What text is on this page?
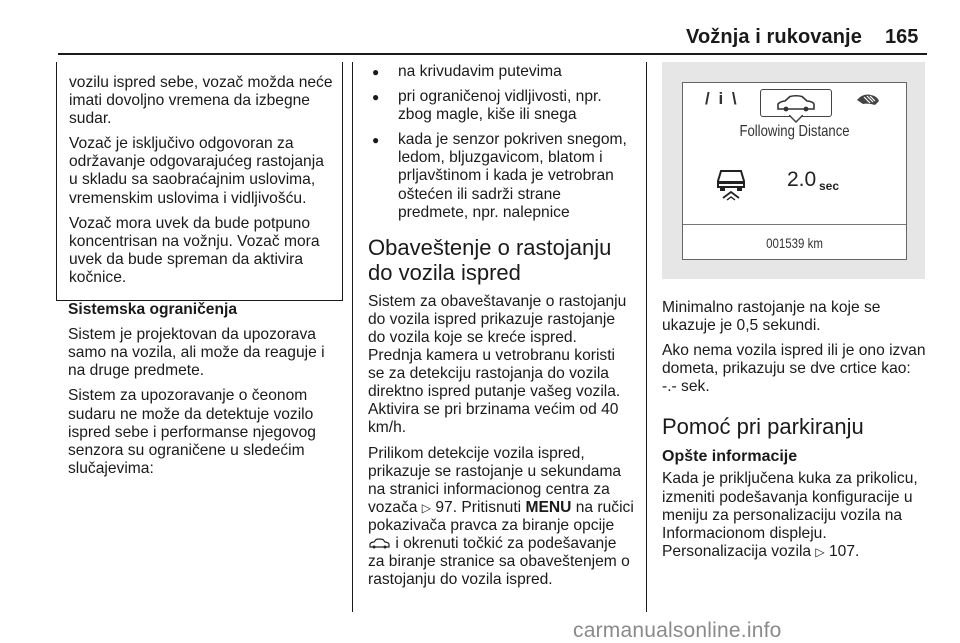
Vožnja i rukovanje 165

vozilu ispred sebe, vozač možda neće imati dovoljno vremena da izbegne sudar.

Vozač je isključivo odgovoran za održavanje odgovarajućeg rastojanja u skladu sa saobraćajnim uslovima, vremenskim uslovima i vidljivošću.

Vozač mora uvek da bude potpuno koncentrisan na vožnju. Vozač mora uvek da bude spreman da aktivira kočnice.

Sistemska ograničenja

Sistem je projektovan da upozorava samo na vozila, ali može da reaguje i na druge predmete.

Sistem za upozoravanje o čeonom sudaru ne može da detektuje vozilo ispred sebe i performanse njegovog senzora su ograničene u sledećim slučajevima:

● na krivudavim putevima
● pri ograničenoj vidljivosti, npr. zbog magle, kiše ili snega
● kada je senzor pokriven snegom, ledom, bljuzgavicom, blatom i prljavštinom i kada je vetrobran oštećen ili sadrži strane predmete, npr. nalepnice
Obaveštenje o rastojanju do vozila ispred

Sistem za obaveštavanje o rastojanju do vozila ispred prikazuje rastojanje do vozila koje se kreće ispred. Prednja kamera u vetrobranu koristi se za detekciju rastojanja do vozila direktno ispred putanje vašeg vozila. Aktivira se pri brzinama većim od 40 km/h.

Prilikom detekcije vozila ispred, prikazuje se rastojanje u sekundama na stranici informacionog centra za vozača ▷ 97. Pritisnuti MENU na ručici pokazivača pravca za biranje opcije  i okrenuti točkić za podešavanje za biranje stranice sa obaveštenjem o rastojanju do vozila ispred.

/ i \
Following Distance
2.0 sec
001539 km

Minimalno rastojanje na koje se ukazuje je 0,5 sekundi.

Ako nema vozila ispred ili je ono izvan dometa, prikazuju se dve crtice kao: -.- sek.

Pomoć pri parkiranju
Opšte informacije

Kada je priključena kuka za prikolicu, izmeniti podešavanja konfiguracije u meniju za personalizaciju vozila na Informacionom displeju. Personalizacija vozila ▷ 107.

carmanualsonline.info
